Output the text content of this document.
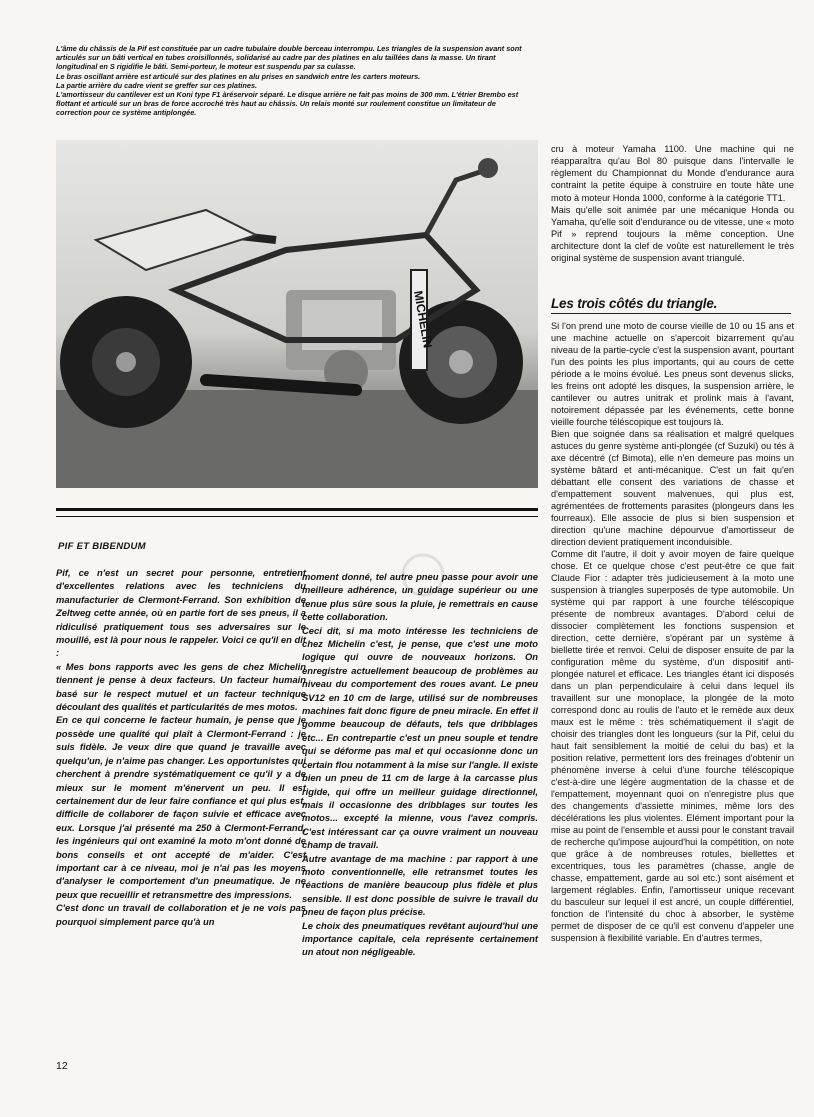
L'âme du châssis de la Pif est constituée par un cadre tubulaire double berceau interrompu. Les triangles de la suspension avant sont articulés sur un bâti vertical en tubes croisillonnés, solidarisé au cadre par des platines en alu taillées dans la masse. Un tirant longitudinal en S rigidifie le bâti. Semi-porteur, le moteur est suspendu par sa culasse.

Le bras oscillant arrière est articulé sur des platines en alu prises en sandwich entre les carters moteurs.

La partie arrière du cadre vient se greffer sur ces platines.

L'amortisseur du cantilever est un Koni type F1 àréservoir séparé. Le disque arrière ne fait pas moins de 300 mm. L'étrier Brembo est flottant et articulé sur un bras de force accroché très haut au châssis. Un relais monté sur roulement constitue un limitateur de correction pour ce système antiplongée.

MICHELIN
PIF ET BIBENDUM

Pif, ce n'est un secret pour personne, entretient d'excellentes relations avec les techniciens du manufacturier de Clermont-Ferrand. Son exhibition de Zeltweg cette année, où en partie fort de ses pneus, il a ridiculisé pratiquement tous ses adversaires sur le mouillé, est là pour nous le rappeler. Voici ce qu'il en dit :

« Mes bons rapports avec les gens de chez Michelin tiennent je pense à deux facteurs. Un facteur humain basé sur le respect mutuel et un facteur technique découlant des qualités et particularités de mes motos.

En ce qui concerne le facteur humain, je pense que je possède une qualité qui plaît à Clermont-Ferrand : je suis fidèle. Je veux dire que quand je travaille avec quelqu'un, je n'aime pas changer. Les opportunistes qui cherchent à prendre systématiquement ce qu'il y a de mieux sur le moment m'énervent un peu. Il est certainement dur de leur faire confiance et qui plus est, difficile de collaborer de façon suivie et efficace avec eux. Lorsque j'ai présenté ma 250 à Clermont-Ferrand, les ingénieurs qui ont examiné la moto m'ont donné de bons conseils et ont accepté de m'aider. C'est important car à ce niveau, moi je n'ai pas les moyens d'analyser le comportement d'un pneumatique. Je ne peux que recueillir et retransmettre des impressions.

C'est donc un travail de collaboration et je ne vois pas pourquoi simplement parce qu'à un

moment donné, tel autre pneu passe pour avoir une meilleure adhérence, un guidage supérieur ou une tenue plus sûre sous la pluie, je remettrais en cause cette collaboration.

Ceci dit, si ma moto intéresse les techniciens de chez Michelin c'est, je pense, que c'est une moto logique qui ouvre de nouveaux horizons. On enregistre actuellement beaucoup de problèmes au niveau du comportement des roues avant. Le pneu SV12 en 10 cm de large, utilisé sur de nombreuses machines fait donc figure de pneu miracle. En effet il gomme beaucoup de défauts, tels que dribblages etc... En contrepartie c'est un pneu souple et tendre qui se déforme pas mal et qui occasionne donc un certain flou notamment à la mise sur l'angle. Il existe bien un pneu de 11 cm de large à la carcasse plus rigide, qui offre un meilleur guidage directionnel, mais il occasionne des dribblages sur toutes les motos... excepté la mienne, vous l'avez compris. C'est intéressant car ça ouvre vraiment un nouveau champ de travail.

Autre avantage de ma machine : par rapport à une moto conventionnelle, elle retransmet toutes les réactions de manière beaucoup plus fidèle et plus sensible. Il est donc possible de suivre le travail du pneu de façon plus précise.

Le choix des pneumatiques revêtant aujourd'hui une importance capitale, cela représente certainement un atout non négligeable.

cru à moteur Yamaha 1100. Une machine qui ne réapparaîtra qu'au Bol 80 puisque dans l'intervalle le règlement du Championnat du Monde d'endurance aura contraint la petite équipe à construire en toute hâte une moto à moteur Honda 1000, conforme à la catégorie TT1.

Mais qu'elle soit animée par une mécanique Honda ou Yamaha, qu'elle soit d'endurance ou de vitesse, une « moto Pif » reprend toujours la même conception. Une architecture dont la clef de voûte est naturellement le très original système de suspension avant triangulé.

Les trois côtés du triangle.

Si l'on prend une moto de course vieille de 10 ou 15 ans et une machine actuelle on s'apercoit bizarrement qu'au niveau de la partie-cycle c'est la suspension avant, pourtant l'un des points les plus importants, qui au cours de cette période a le moins évolué. Les pneus sont devenus slicks, les freins ont adopté les disques, la suspension arrière, le cantilever ou autres unitrak et prolink mais à l'avant, notoirement dépassée par les événements, cette bonne vieille fourche téléscopique est toujours là.

Bien que soignée dans sa réalisation et malgré quelques astuces du genre système anti-plongée (cf Suzuki) ou tés à axe décentré (cf Bimota), elle n'en demeure pas moins un système bâtard et anti-mécanique. C'est un fait qu'en débattant elle consent des variations de chasse et d'empattement souvent malvenues, qui plus est, agrémentées de frottements parasites (plongeurs dans les fourreaux). Elle associe de plus si bien suspension et direction qu'une machine dépourvue d'amortisseur de direction devient pratiquement inconduisible.

Comme dit l'autre, il doit y avoir moyen de faire quelque chose. Et ce quelque chose c'est peut-être ce que fait Claude Fior : adapter très judicieusement à la moto une suspension à triangles superposés de type automobile. Un système qui par rapport à une fourche téléscopique présente de nombreux avantages. D'abord celui de dissocier complètement les fonctions suspension et direction, cette dernière, s'opérant par un système à biellette tirée et renvoi. Celui de disposer ensuite de par la configuration même du système, d'un dispositif anti-plongée naturel et efficace. Les triangles étant ici disposés dans un plan perpendiculaire à celui dans lequel ils travaillent sur une monoplace, la plongée de la moto correspond donc au roulis de l'auto et le remède aux deux maux est le même : très schématiquement il s'agit de choisir des triangles dont les longueurs (sur la Pif, celui du haut fait sensiblement la moitié de celui du bas) et la position relative, permettent lors des freinages d'obtenir un phénomène inverse à celui d'une fourche téléscopique c'est-à-dire une légère augmentation de la chasse et de l'empattement, moyennant quoi on n'enregistre plus que des changements d'assiette minimes, même lors des décélérations les plus violentes. Elément important pour la mise au point de l'ensemble et aussi pour le constant travail de recherche qu'impose aujourd'hui la compétition, on note que grâce à de nombreuses rotules, biellettes et excentriques, tous les paramètres (chasse, angle de chasse, empattement, garde au sol etc.) sont aisément et largement réglables. Enfin, l'amortisseur unique recevant du basculeur sur lequel il est ancré, un couple différentiel, fonction de l'intensité du choc à absorber, le système permet de disposer de ce qu'il est convenu d'appeler une suspension à flexibilité variable. En d'autres termes,

12
